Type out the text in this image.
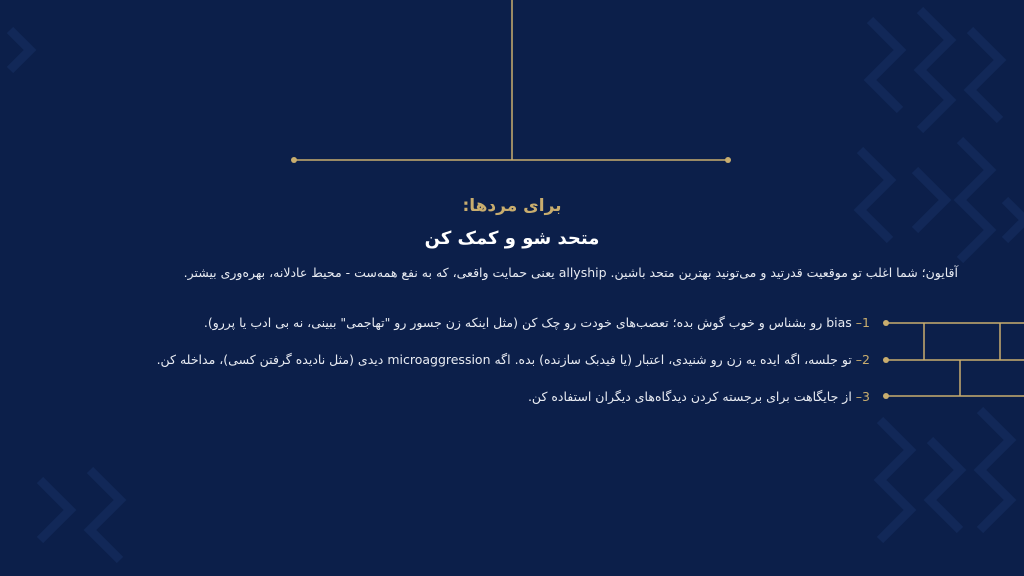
برای مردها:
متحد شو و کمک کن
آقایون؛ شما اغلب تو موقعیت قدرتید و می‌تونید بهترین متحد باشین. allyship یعنی حمایت واقعی، که به نفع همه‌ست - محیط عادلانه، بهره‌وری بیشتر.
1– bias رو بشناس و خوب گوش بده؛ تعصب‌های خودت رو چک کن (مثل اینکه زن جسور رو "تهاجمی" ببینی، نه بی ادب یا پررو).
2– تو جلسه، اگه ایده یه زن رو شنیدی، اعتبار (یا فیدبک سازنده) بده. اگه microaggression دیدی (مثل نادیده گرفتن کسی)، مداخله کن.
3– از جایگاهت برای برجسته کردن دیدگاه‌های دیگران استفاده کن.
